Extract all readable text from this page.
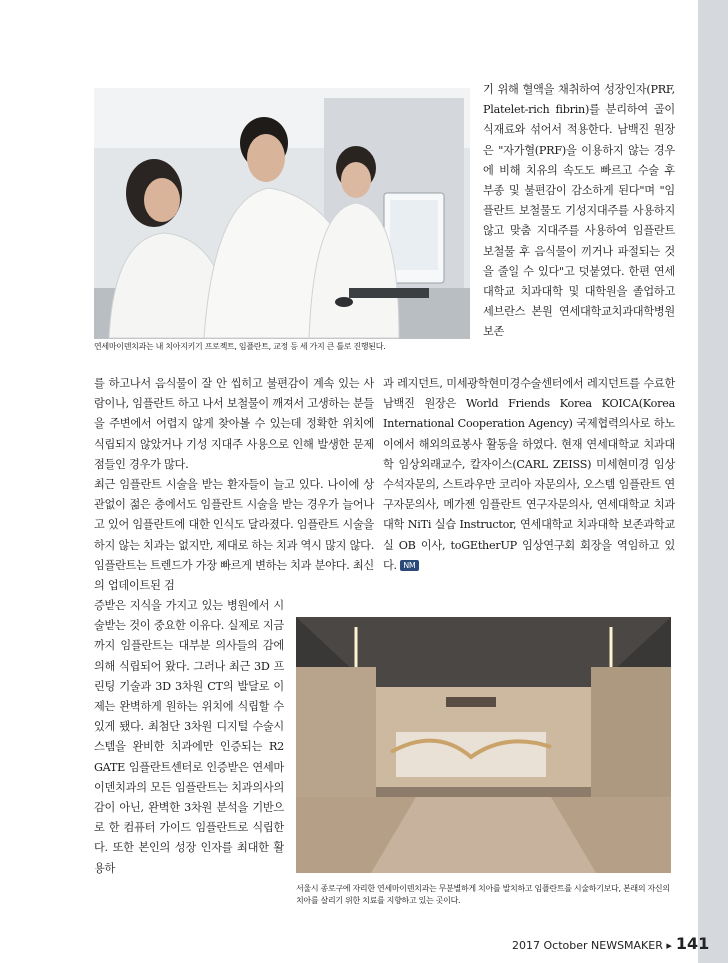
연세마이덴치과는 내 치아지키기 프로젝트, 임플란트, 교정 등 세 가지 큰 틀로 진행된다.

기 위해 혈액을 채취하여 성장인자(PRF, Platelet-rich fibrin)를 분리하여 골이식재료와 섞어서 적용한다. 남백진 원장은 "자가혈(PRF)을 이용하지 않는 경우에 비해 치유의 속도도 빠르고 수술 후 부종 및 불편감이 감소하게 된다"며 "임플란트 보철물도 기성지대주를 사용하지 않고 맞춤 지대주를 사용하여 임플란트 보철물 후 음식물이 끼거나 파절되는 것을 줄일 수 있다"고 덧붙였다. 한편 연세대학교 치과대학 및 대학원을 졸업하고 세브란스 본원 연세대학교치과대학병원 보존

를 하고나서 음식물이 잘 안 씹히고 불편감이 계속 있는 사람이나, 임플란트 하고 나서 보철물이 깨져서 고생하는 분들을 주변에서 어렵지 않게 찾아볼 수 있는데 정확한 위치에 식립되지 않았거나 기성 지대주 사용으로 인해 발생한 문제점들인 경우가 많다.

최근 임플란트 시술을 받는 환자들이 늘고 있다. 나이에 상관없이 젊은 층에서도 임플란트 시술을 받는 경우가 늘어나고 있어 임플란트에 대한 인식도 달라졌다. 임플란트 시술을 하지 않는 치과는 없지만, 제대로 하는 치과 역시 많지 않다. 임플란트는 트렌드가 가장 빠르게 변하는 치과 분야다. 최신의 업데이트된 검

과 레지던트, 미세광학현미경수술센터에서 레지던트를 수료한 남백진 원장은 World Friends Korea KOICA(Korea International Cooperation Agency) 국제협력의사로 하노이에서 해외의료봉사 활동을 하였다. 현재 연세대학교 치과대학 임상외래교수, 칼자이스(CARL ZEISS) 미세현미경 임상수석자문의, 스트라우만 코리아 자문의사, 오스템 임플란트 연구자문의사, 메가젠 임플란트 연구자문의사, 연세대학교 치과대학 NiTi 실습 Instructor, 연세대학교 치과대학 보존과학교실 OB 이사, toGEtherUP 임상연구회 회장을 역임하고 있다. NM

증받은 지식을 가지고 있는 병원에서 시술받는 것이 중요한 이유다. 실제로 지금까지 임플란트는 대부분 의사들의 감에 의해 식립되어 왔다. 그러나 최근 3D 프린팅 기술과 3D 3차원 CT의 발달로 이제는 완벽하게 원하는 위치에 식립할 수 있게 됐다. 최첨단 3차원 디지털 수술시스템을 완비한 치과에만 인증되는 R2 GATE 임플란트센터로 인증받은 연세마이덴치과의 모든 임플란트는 치과의사의 감이 아닌, 완벽한 3차원 분석을 기반으로 한 컴퓨터 가이드 임플란트로 식립한다. 또한 본인의 성장 인자를 최대한 활용하

서울시 종로구에 자리한 연세마이덴치과는 무분별하게 치아를 발치하고 임플란트를 시술하기보다, 본래의 자신의 치아를 살리기 위한 치료를 지향하고 있는 곳이다.
2017 October NEWSMAKER ▸ 141
